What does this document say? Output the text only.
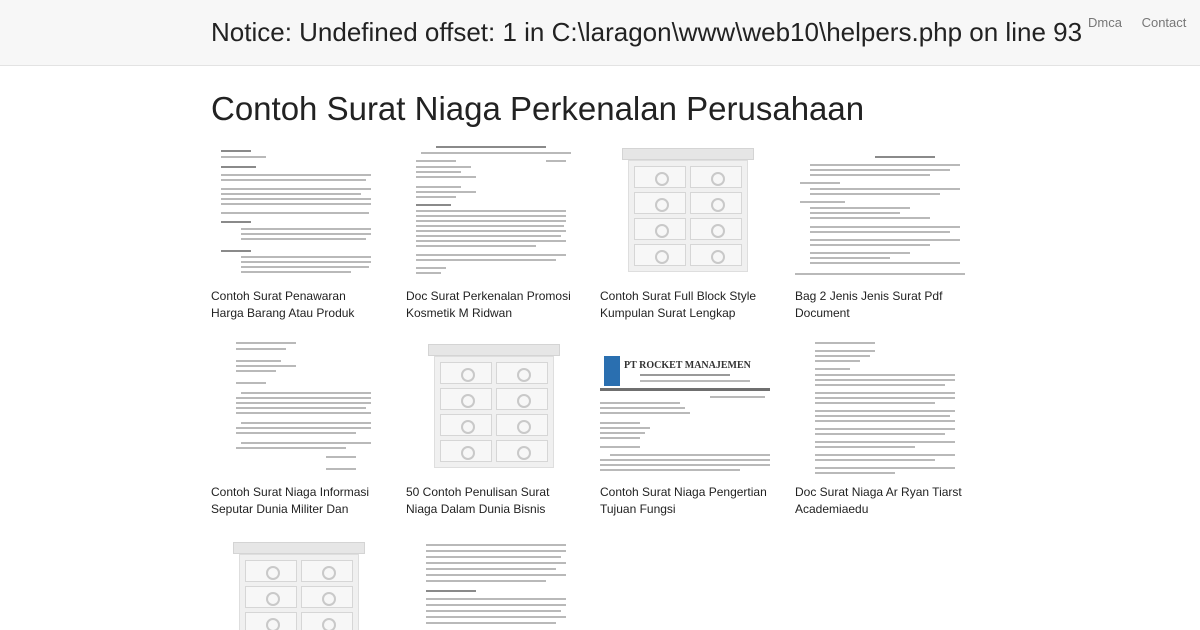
Notice: Undefined offset: 1 in C:\laragon\www\web10\helpers.php on line 93 Dmca Contact
Contoh Surat Niaga Perkenalan Perusahaan
Contoh Surat Penawaran Harga Barang Atau Produk
Doc Surat Perkenalan Promosi Kosmetik M Ridwan
Contoh Surat Full Block Style Kumpulan Surat Lengkap
Bag 2 Jenis Jenis Surat Pdf Document
Contoh Surat Niaga Informasi Seputar Dunia Militer Dan
50 Contoh Penulisan Surat Niaga Dalam Dunia Bisnis
PT ROCKET MANAJEMEN
Contoh Surat Niaga Pengertian Tujuan Fungsi
Doc Surat Niaga Ar Ryan Tiarst Academiaedu
